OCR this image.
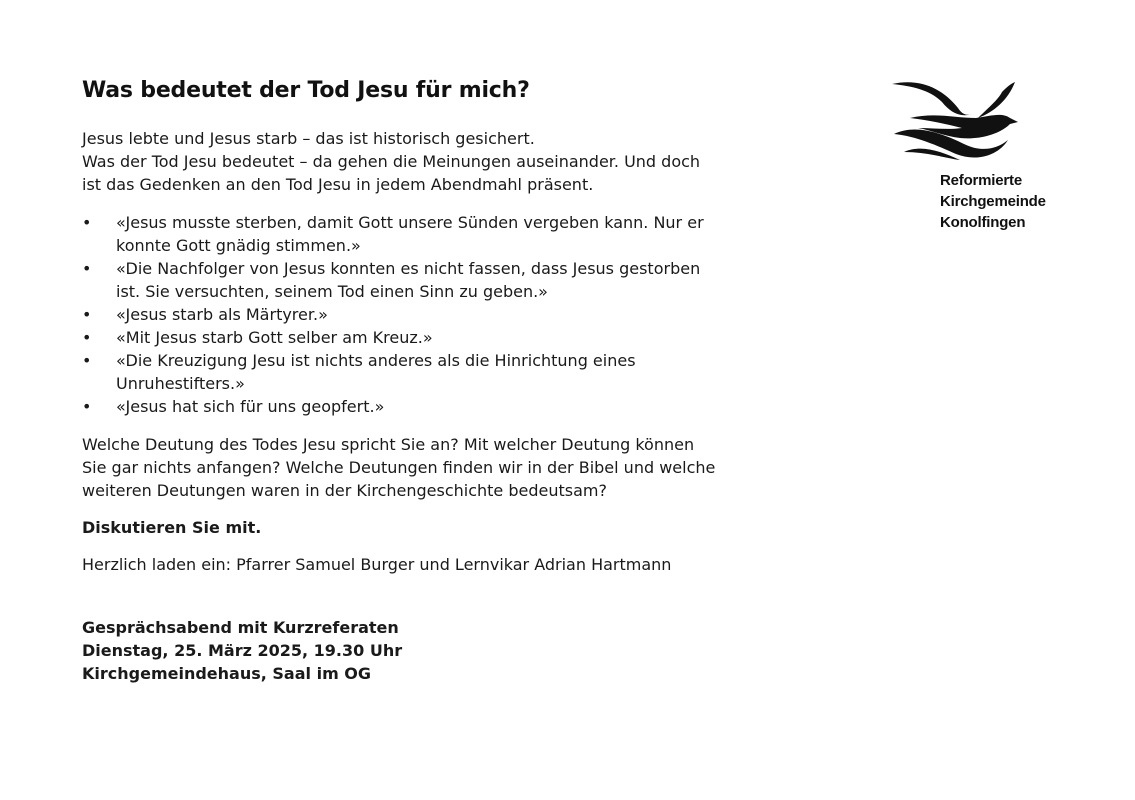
Was bedeutet der Tod Jesu für mich?

Jesus lebte und Jesus starb – das ist historisch gesichert.

Was der Tod Jesu bedeutet – da gehen die Meinungen auseinander. Und doch ist das Gedenken an den Tod Jesu in jedem Abendmahl präsent.

• «Jesus musste sterben, damit Gott unsere Sünden vergeben kann. Nur er konnte Gott gnädig stimmen.»
• «Die Nachfolger von Jesus konnten es nicht fassen, dass Jesus gestorben ist. Sie versuchten, seinem Tod einen Sinn zu geben.»
• «Jesus starb als Märtyrer.»
• «Mit Jesus starb Gott selber am Kreuz.»
• «Die Kreuzigung Jesu ist nichts anderes als die Hinrichtung eines Unruhestifters.»
• «Jesus hat sich für uns geopfert.»

Welche Deutung des Todes Jesu spricht Sie an? Mit welcher Deutung können Sie gar nichts anfangen? Welche Deutungen finden wir in der Bibel und welche weiteren Deutungen waren in der Kirchengeschichte bedeutsam?

Diskutieren Sie mit.

Herzlich laden ein: Pfarrer Samuel Burger und Lernvikar Adrian Hartmann

Gesprächsabend mit Kurzreferaten
Dienstag, 25. März 2025, 19.30 Uhr
Kirchgemeindehaus, Saal im OG
Reformierte
Kirchgemeinde
Konolfingen
